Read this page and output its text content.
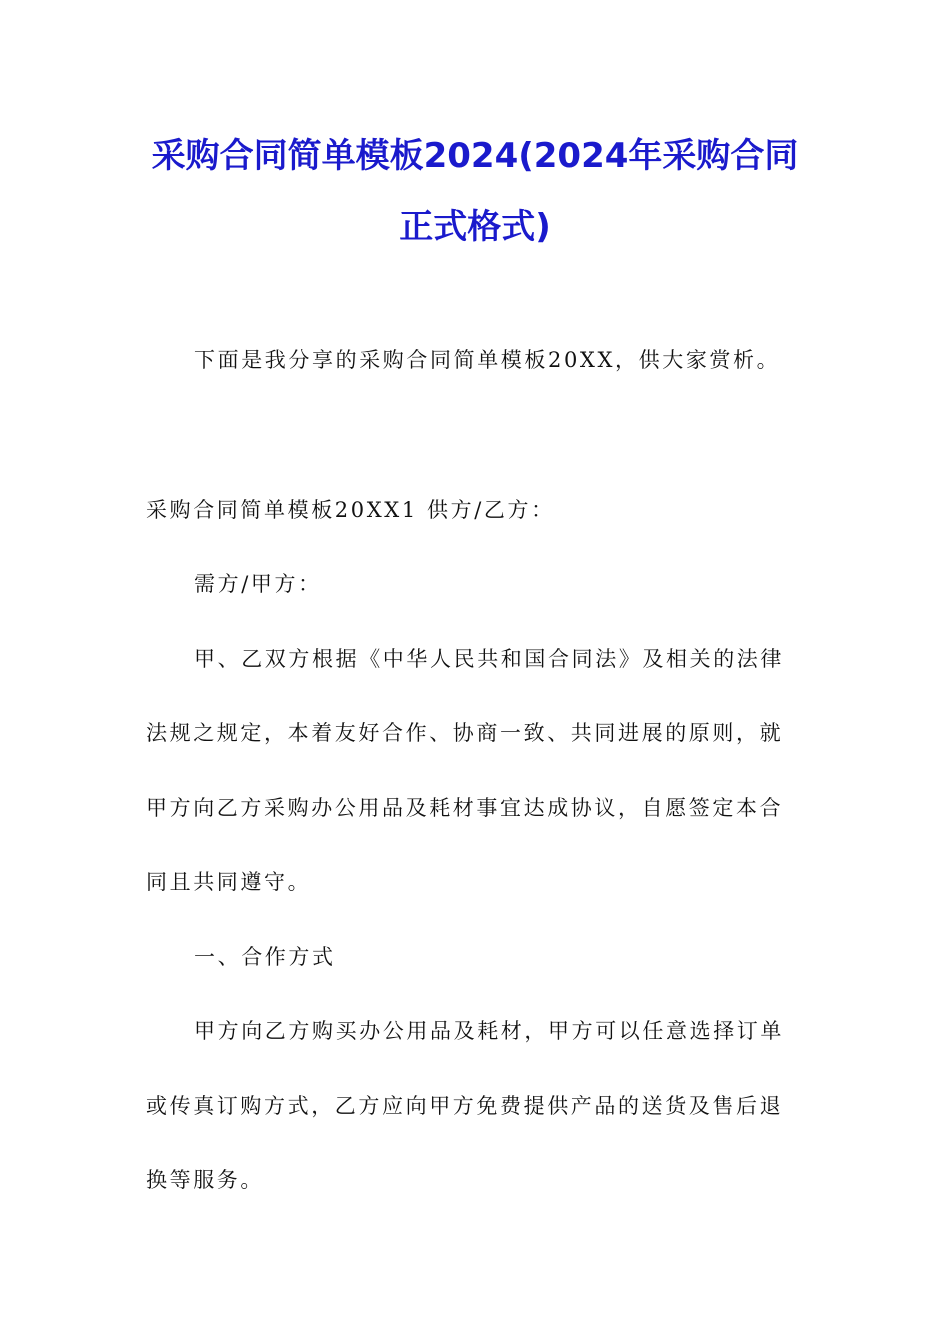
采购合同简单模板2024(2024年采购合同
正式格式)
下面是我分享的采购合同简单模板20XX，供大家赏析。
采购合同简单模板20XX1 供方/乙方：
需方/甲方：
甲、乙双方根据《中华人民共和国合同法》及相关的法律
法规之规定，本着友好合作、协商一致、共同进展的原则，就
甲方向乙方采购办公用品及耗材事宜达成协议，自愿签定本合
同且共同遵守。
一、合作方式
甲方向乙方购买办公用品及耗材，甲方可以任意选择订单
或传真订购方式，乙方应向甲方免费提供产品的送货及售后退
换等服务。
